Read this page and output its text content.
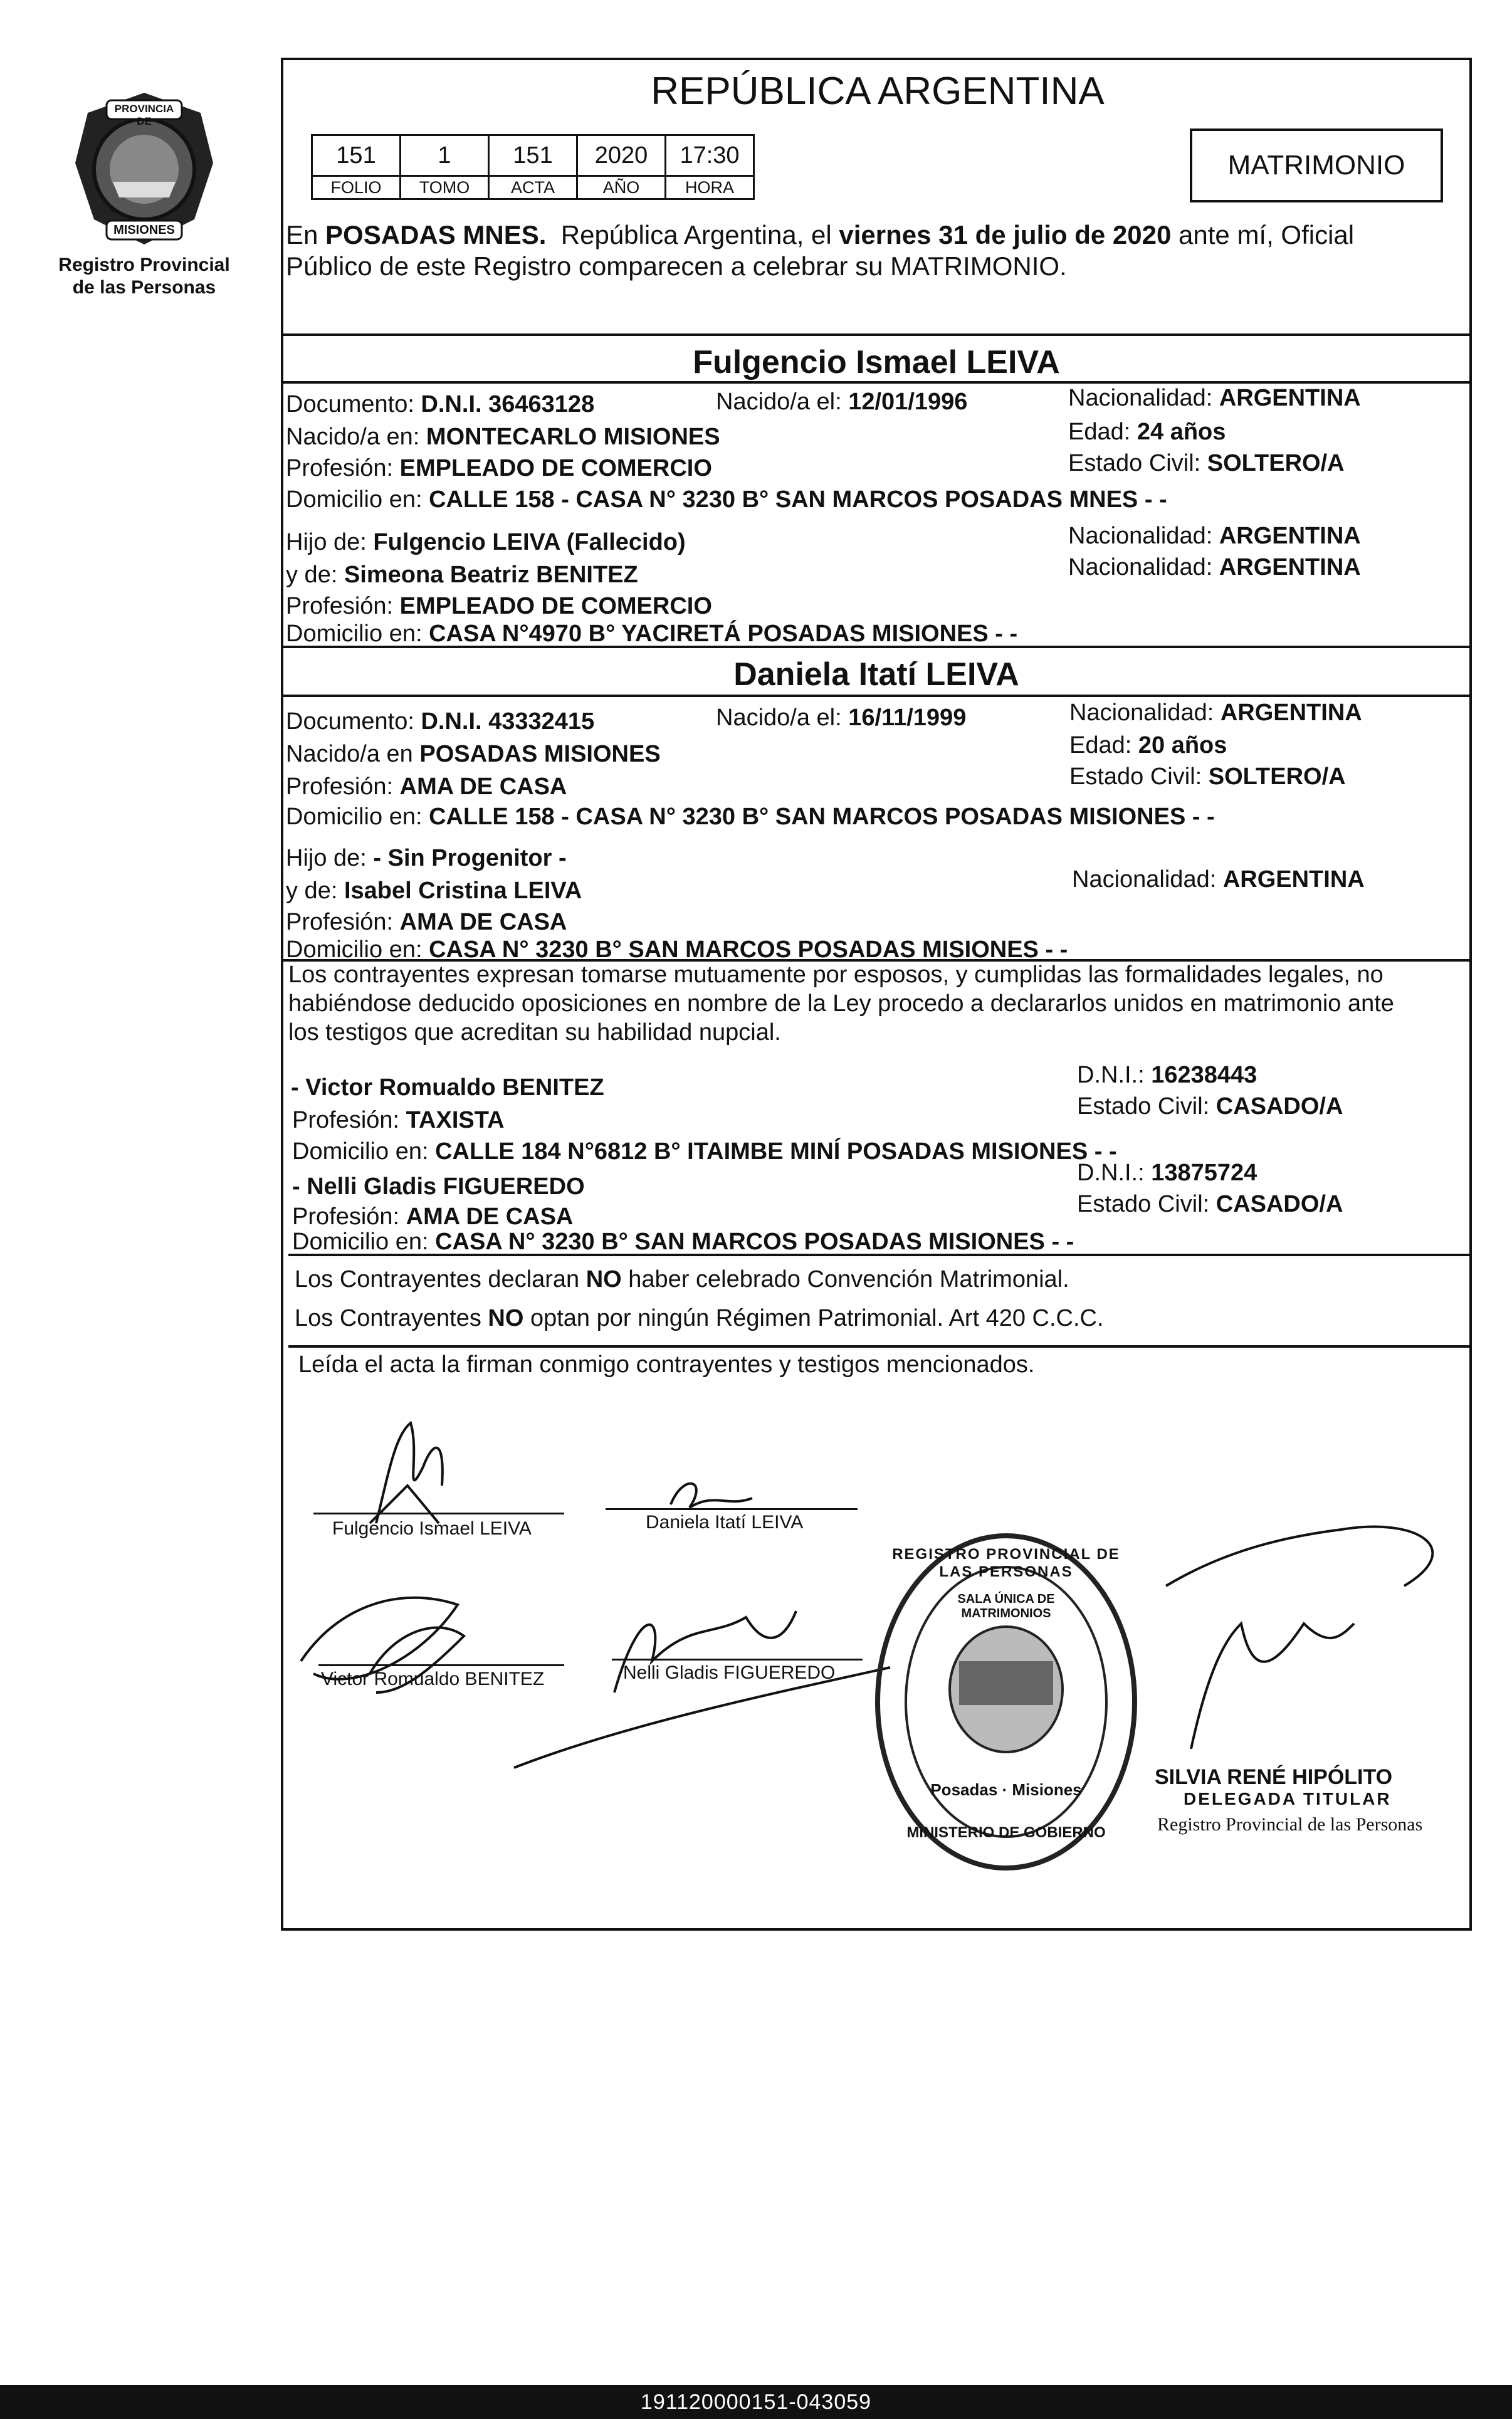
PROVINCIA DE
MISIONES
Registro Provincial
de las Personas
REPÚBLICA ARGENTINA
151	1	151	2020	17:30
FOLIO	TOMO	ACTA	AÑO	HORA
MATRIMONIO
En POSADAS MNES.  República Argentina, el viernes 31 de julio de 2020 ante mí, Oficial
Público de este Registro comparecen a celebrar su MATRIMONIO.
Fulgencio Ismael LEIVA
Documento: D.N.I. 36463128	Nacido/a el: 12/01/1996	Nacionalidad: ARGENTINA
Nacido/a en: MONTECARLO MISIONES	Edad: 24 años
Profesión: EMPLEADO DE COMERCIO	Estado Civil: SOLTERO/A
Domicilio en: CALLE 158 - CASA N° 3230 B° SAN MARCOS POSADAS MNES - -
Hijo de: Fulgencio LEIVA (Fallecido)	Nacionalidad: ARGENTINA
y de: Simeona Beatriz BENITEZ	Nacionalidad: ARGENTINA
Profesión: EMPLEADO DE COMERCIO
Domicilio en: CASA N°4970 B° YACIRETÁ POSADAS MISIONES - -
Daniela Itatí LEIVA
Documento: D.N.I. 43332415	Nacido/a el: 16/11/1999	Nacionalidad: ARGENTINA
Nacido/a en POSADAS MISIONES	Edad: 20 años
Profesión: AMA DE CASA	Estado Civil: SOLTERO/A
Domicilio en: CALLE 158 - CASA N° 3230 B° SAN MARCOS POSADAS MISIONES - -
Hijo de: - Sin Progenitor -
y de: Isabel Cristina LEIVA	Nacionalidad: ARGENTINA
Profesión: AMA DE CASA
Domicilio en: CASA N° 3230 B° SAN MARCOS POSADAS MISIONES - -
Los contrayentes expresan tomarse mutuamente por esposos, y cumplidas las formalidades legales, no
habiéndose deducido oposiciones en nombre de la Ley procedo a declararlos unidos en matrimonio ante
los testigos que acreditan su habilidad nupcial.
- Victor Romualdo BENITEZ	D.N.I.: 16238443
Profesión: TAXISTA
Estado Civil: CASADO/A
Domicilio en: CALLE 184 N°6812 B° ITAIMBE MINÍ POSADAS MISIONES - -
- Nelli Gladis FIGUEREDO
D.N.I.: 13875724
Profesión: AMA DE CASA	Estado Civil: CASADO/A
Domicilio en: CASA N° 3230 B° SAN MARCOS POSADAS MISIONES - -
Los Contrayentes declaran NO haber celebrado Convención Matrimonial.
Los Contrayentes NO optan por ningún Régimen Patrimonial. Art 420 C.C.C.
Leída el acta la firman conmigo contrayentes y testigos mencionados.
Fulgencio Ismael LEIVA	Daniela Itatí LEIVA
Victor Romualdo BENITEZ	Nelli Gladis FIGUEREDO
REGISTRO PROVINCIAL DE LAS PERSONAS
SALA ÚNICA DE MATRIMONIOS
Posadas · Misiones
MINISTERIO DE GOBIERNO
SILVIA RENÉ HIPÓLITO
DELEGADA TITULAR
Registro Provincial de las Personas
191120000151-043059
